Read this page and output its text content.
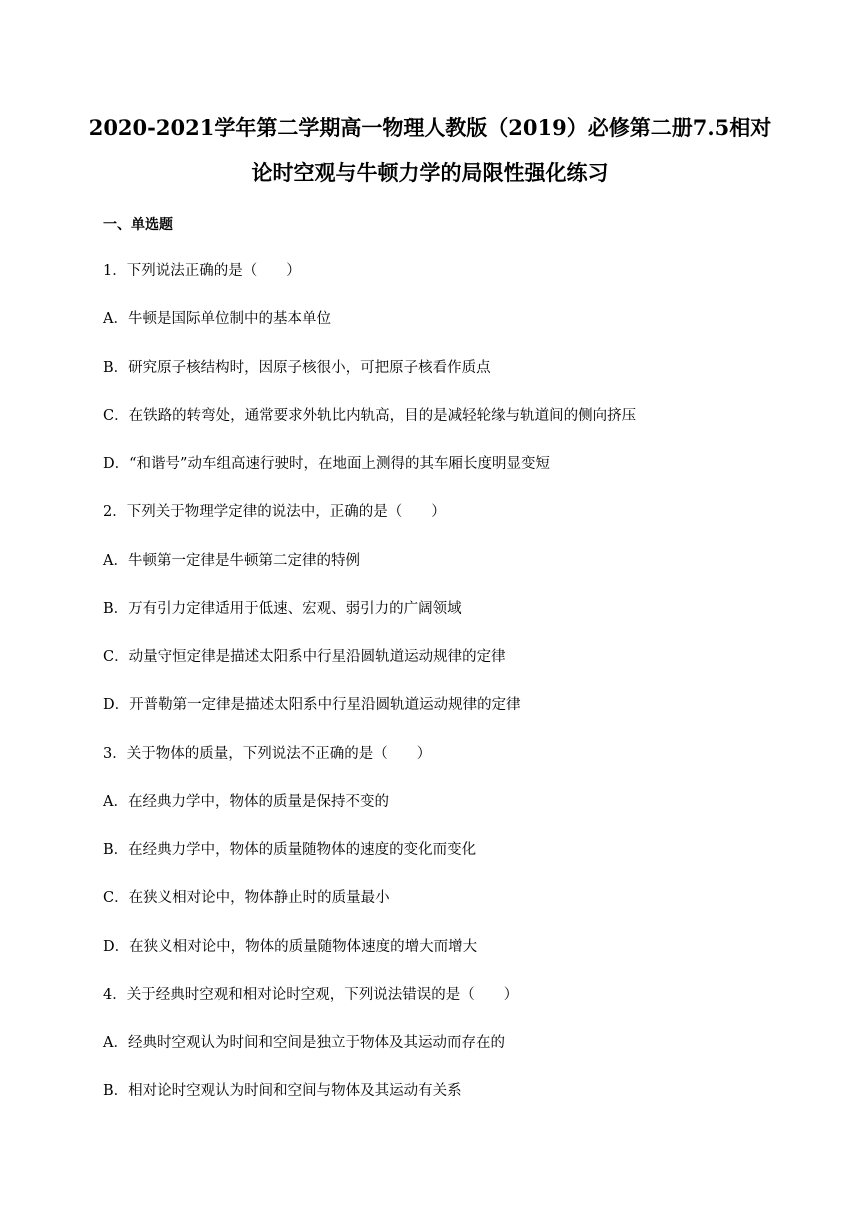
2020-2021学年第二学期高一物理人教版（2019）必修第二册7.5相对
论时空观与牛顿力学的局限性强化练习
一、单选题
1．下列说法正确的是（　　）
A．牛顿是国际单位制中的基本单位
B．研究原子核结构时，因原子核很小，可把原子核看作质点
C．在铁路的转弯处，通常要求外轨比内轨高，目的是减轻轮缘与轨道间的侧向挤压
D．“和谐号”动车组高速行驶时，在地面上测得的其车厢长度明显变短
2．下列关于物理学定律的说法中，正确的是（　　）
A．牛顿第一定律是牛顿第二定律的特例
B．万有引力定律适用于低速、宏观、弱引力的广阔领域
C．动量守恒定律是描述太阳系中行星沿圆轨道运动规律的定律
D．开普勒第一定律是描述太阳系中行星沿圆轨道运动规律的定律
3．关于物体的质量，下列说法不正确的是（　　）
A．在经典力学中，物体的质量是保持不变的
B．在经典力学中，物体的质量随物体的速度的变化而变化
C．在狭义相对论中，物体静止时的质量最小
D．在狭义相对论中，物体的质量随物体速度的增大而增大
4．关于经典时空观和相对论时空观，下列说法错误的是（　　）
A．经典时空观认为时间和空间是独立于物体及其运动而存在的
B．相对论时空观认为时间和空间与物体及其运动有关系
